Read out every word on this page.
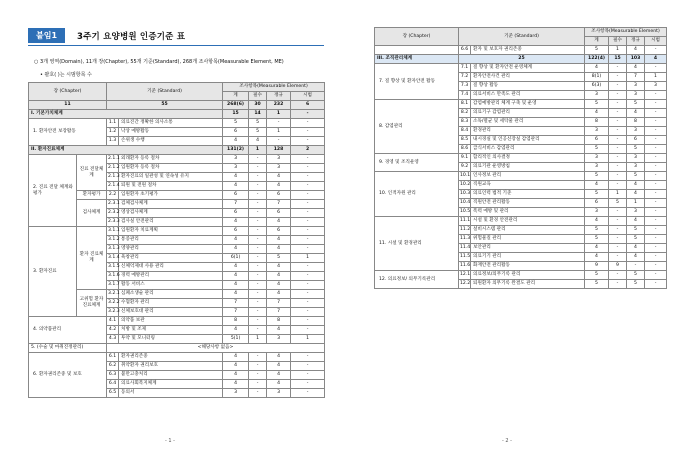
붙임1	3주기 요양병원 인증기준 표
○ 3개 영역(Domain), 11개 장(Chapter), 55개 기준(Standard), 268개 조사항목(Measurable Element, ME)
• 괄호( )는 시범항목 수
장 (Chapter)		기준 (Standard)		조사항목(Measurable Element)			
				계	필수	정규	시범
11		55		268(6)	30	232	6
I. 기본가치체계				15	14	1	-
1. 환자안전 보장활동		1.1	의료진간 정확한 의사소통	5	5	-	-
		1.2	낙상 예방활동	6	5	1	-
		1.3	손위생 수행	4	4	-	-
II. 환자진료체계				131(2)	1	128	2
2. 진료 전달 체계와 평가	진료 전달체계	2.1.1	외래환자 등록 절차	3	-	3	-
		2.1.2	입원환자 등록 절차	3	-	3	-
		2.1.3	환자진료의 일관성 및 연속성 유지	4	-	4	-
		2.1.4	퇴원 및 전원 절차	4	-	4	-
	환자평가	2.2	입원환자 초기평가	6	-	6	-
	검사체계	2.3.1	검체검사체계	7	-	7	-
		2.3.2	영상검사체계	6	-	6	-
		2.3.3	검사실 안전관리	4	-	4	-
3. 환자진료	환자 진료체계	3.1.1	입원환자 치료계획	6	-	6	-
		3.1.2	통증관리	4	-	4	-
		3.1.3	영양관리	4	-	4	-
		3.1.4	욕창관리	6(1)	-	5	1
		3.1.5	신체억제대 사용 관리	4	-	4	-
		3.1.6	경력 예방관리	4	-	4	-
		3.1.7	활동 서비스	4	-	4	-
	고위험 환자 진료체계	3.2.1	심폐소생술 관리	4	-	4	-
		3.2.2	수혈환자 관리	7	-	7	-
		3.2.3	신체보호대 관리	7	-	7	-
4. 의약품관리		4.1	의약품 보관	8	-	8	-
		4.2	처방 및 조제	4	-	4	-
		4.3	투약 및 모니터링	5(1)	1	3	1
5. (수술 및 마취진정관리)		<해당사항 없음>					
6. 환자권리존중 및 보호		6.1	환자권리존중	4	-	4	-
		6.2	취약환자 권리보호	4	-	4	-
		6.3	불만고충처리	4	-	4	-
		6.4	의료사회복지체계	4	-	4	-
		6.5	동의서	3	-	3	-
- 1 -	- 2 -
장 (Chapter)	기준 (Standard)		조사항목(Measurable Element)			
			계	필수	정규	시범
	6.6	환자 및 보호자 권리존중	5	1	4	-
III. 조직관리체계	25		122(4)	15	103	4
7. 질 향상 및 환자안전 활동	7.1	질 향상 및 환자안전 운영체계	4	-	4	-
	7.2	환자안전사건 관리	8(1)	-	7	1
	7.3	질 향상 활동	6(3)	-	3	3
	7.4	의료서비스 만족도 관리	3	-	3	-
8. 감염관리	8.1	감염예방관리 체계 구축 및 운영	5	-	5	-
	8.2	의료기구 감염관리	4	-	4	-
	8.3	소독/멸균 및 세탁물 관리	8	-	8	-
	8.4	환경관리	3	-	3	-
	8.5	내시경실 및 인공신장실 감염관리	6	-	6	-
	8.6	급식서비스 감염관리	5	-	5	-
9. 경영 및 조직운영	9.1	합리적인 의사결정	3	-	3	-
	9.2	의료기관 운영방침	3	-	3	-
10. 인적자원 관리	10.1	인사정보 관리	5	-	5	-
	10.2	직원교육	4	-	4	-
	10.3	의료인력 법적 기준	5	1	4	-
	10.4	직원안전 관리활동	6	5	1	-
	10.5	폭력 예방 및 관리	3	-	3	-
11. 시설 및 환경관리	11.1	시설 및 환경 안전관리	4	-	4	-
	11.2	설비시스템 관리	5	-	5	-
	11.3	위험물질 관리	5	-	5	-
	11.4	보안관리	4	-	4	-
	11.5	의료기기 관리	4	-	4	-
	11.6	화재안전 관리활동	9	9	-	-
12. 의료정보/ 의무기록관리	12.1	의료정보/의무기록 관리	5	-	5	-
	12.2	퇴원환자 의무기록 완결도 관리	5	-	5	-
